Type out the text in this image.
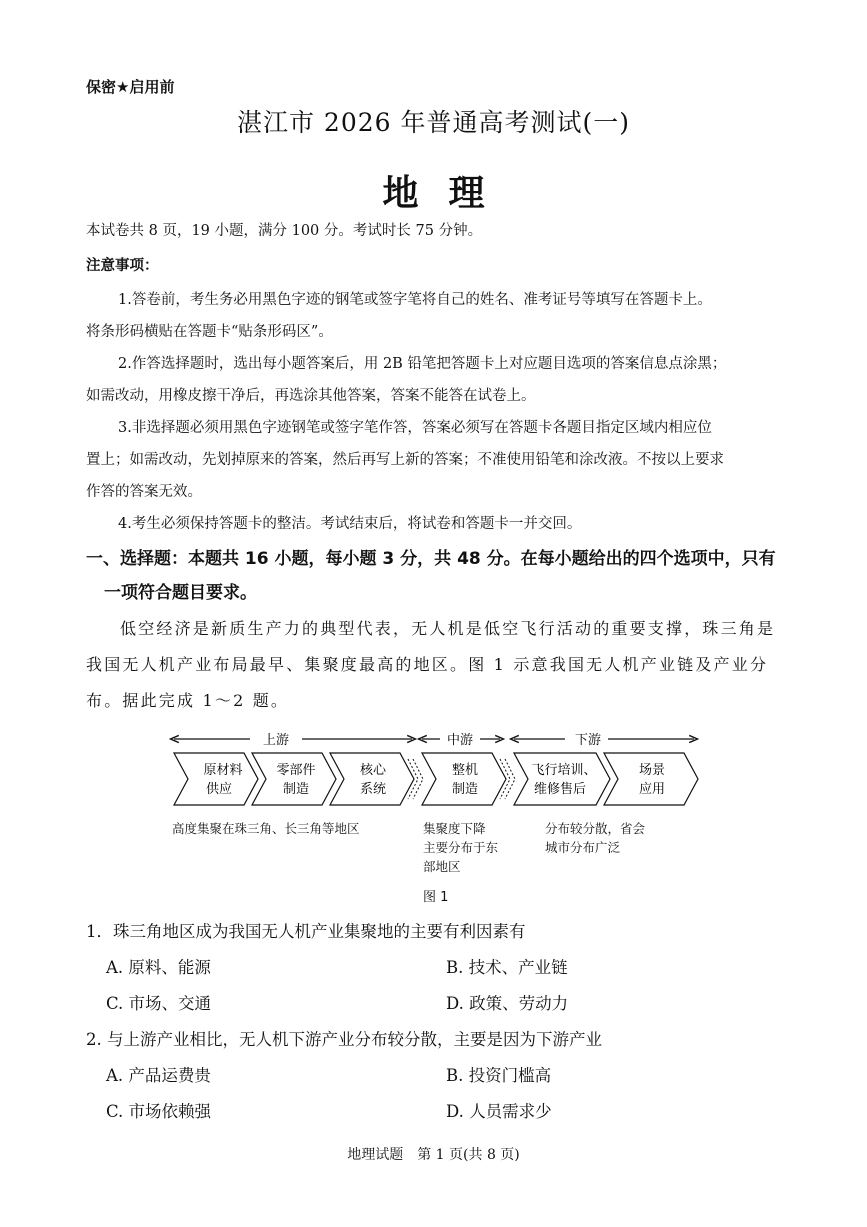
保密★启用前
湛江市 2026 年普通高考测试(一)
地理
本试卷共 8 页，19 小题，满分 100 分。考试时长 75 分钟。
注意事项：
1.答卷前，考生务必用黑色字迹的钢笔或签字笔将自己的姓名、准考证号等填写在答题卡上。
将条形码横贴在答题卡“贴条形码区”。
2.作答选择题时，选出每小题答案后，用 2B 铅笔把答题卡上对应题目选项的答案信息点涂黑；
如需改动，用橡皮擦干净后，再选涂其他答案，答案不能答在试卷上。
3.非选择题必须用黑色字迹钢笔或签字笔作答，答案必须写在答题卡各题目指定区域内相应位
置上；如需改动，先划掉原来的答案，然后再写上新的答案；不准使用铅笔和涂改液。不按以上要求
作答的答案无效。
4.考生必须保持答题卡的整洁。考试结束后，将试卷和答题卡一并交回。
一、选择题：本题共 16 小题，每小题 3 分，共 48 分。在每小题给出的四个选项中，只有
一项符合题目要求。
低空经济是新质生产力的典型代表，无人机是低空飞行活动的重要支撑，珠三角是
我国无人机产业布局最早、集聚度最高的地区。图 1 示意我国无人机产业链及产业分
布。据此完成 1～2 题。
上游	中游	下游
原材料
供应
零部件
制造
核心
系统
整机
制造
飞行培训、
维修售后
场景
应用
高度集聚在珠三角、长三角等地区	集聚度下降
主要分布于东
部地区
分布较分散，省会
城市分布广泛
图 1
1．珠三角地区成为我国无人机产业集聚地的主要有利因素有
A. 原料、能源	B. 技术、产业链
C. 市场、交通	D. 政策、劳动力
2. 与上游产业相比，无人机下游产业分布较分散，主要是因为下游产业
A. 产品运费贵	B. 投资门槛高
C. 市场依赖强	D. 人员需求少
地理试题　第 1 页(共 8 页)
